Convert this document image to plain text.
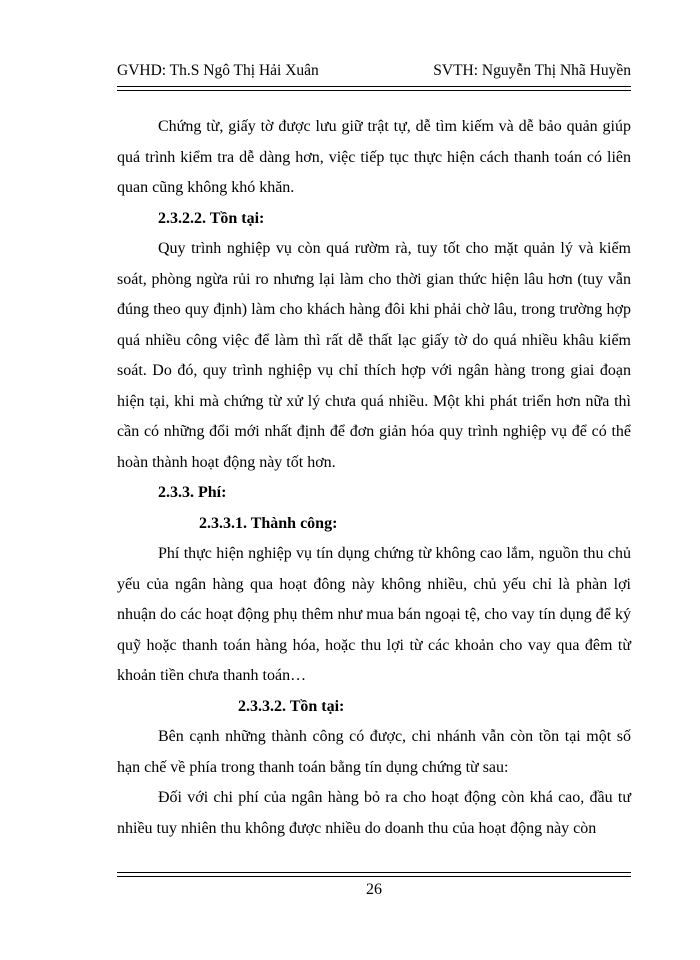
GVHD: Th.S Ngô Thị Hải Xuân	SVTH: Nguyễn Thị Nhã Huyền

Chứng từ, giấy tờ được lưu giữ trật tự, dễ tìm kiếm và dễ bảo quản giúp quá trình kiểm tra dễ dàng hơn, việc tiếp tục thực hiện cách thanh toán có liên quan cũng không khó khăn.

2.3.2.2. Tồn tại:

Quy trình nghiệp vụ còn quá rườm rà, tuy tốt cho mặt quản lý và kiểm soát, phòng ngừa rủi ro nhưng lại làm cho thời gian thức hiện lâu hơn (tuy vẫn đúng theo quy định) làm cho khách hàng đôi khi phải chờ lâu, trong trường hợp quá nhiều công việc để làm thì rất dễ thất lạc giấy tờ do quá nhiều khâu kiểm soát. Do đó, quy trình nghiệp vụ chỉ thích hợp với ngân hàng trong giai đoạn hiện tại, khi mà chứng từ xử lý chưa quá nhiều. Một khi phát triển hơn nữa thì cần có những đổi mới nhất định để đơn giản hóa quy trình nghiệp vụ để có thể hoàn thành hoạt động này tốt hơn.

2.3.3. Phí:

2.3.3.1. Thành công:

Phí thực hiện nghiệp vụ tín dụng chứng từ không cao lắm, nguồn thu chủ yếu của ngân hàng qua hoạt đông này không nhiều, chủ yếu chỉ là phàn lợi nhuận do các hoạt động phụ thêm như mua bán ngoại tệ, cho vay tín dụng để ký quỹ hoặc thanh toán hàng hóa, hoặc thu lợi từ các khoản cho vay qua đêm từ khoản tiền chưa thanh toán…

2.3.3.2. Tồn tại:

Bên cạnh những thành công có được, chi nhánh vẫn còn tồn tại một số hạn chế về phía trong thanh toán bằng tín dụng chứng từ sau:

Đối với chi phí của ngân hàng bỏ ra cho hoạt động còn khá cao, đầu tư nhiều tuy nhiên thu không được nhiều do doanh thu của hoạt động này còn

26
